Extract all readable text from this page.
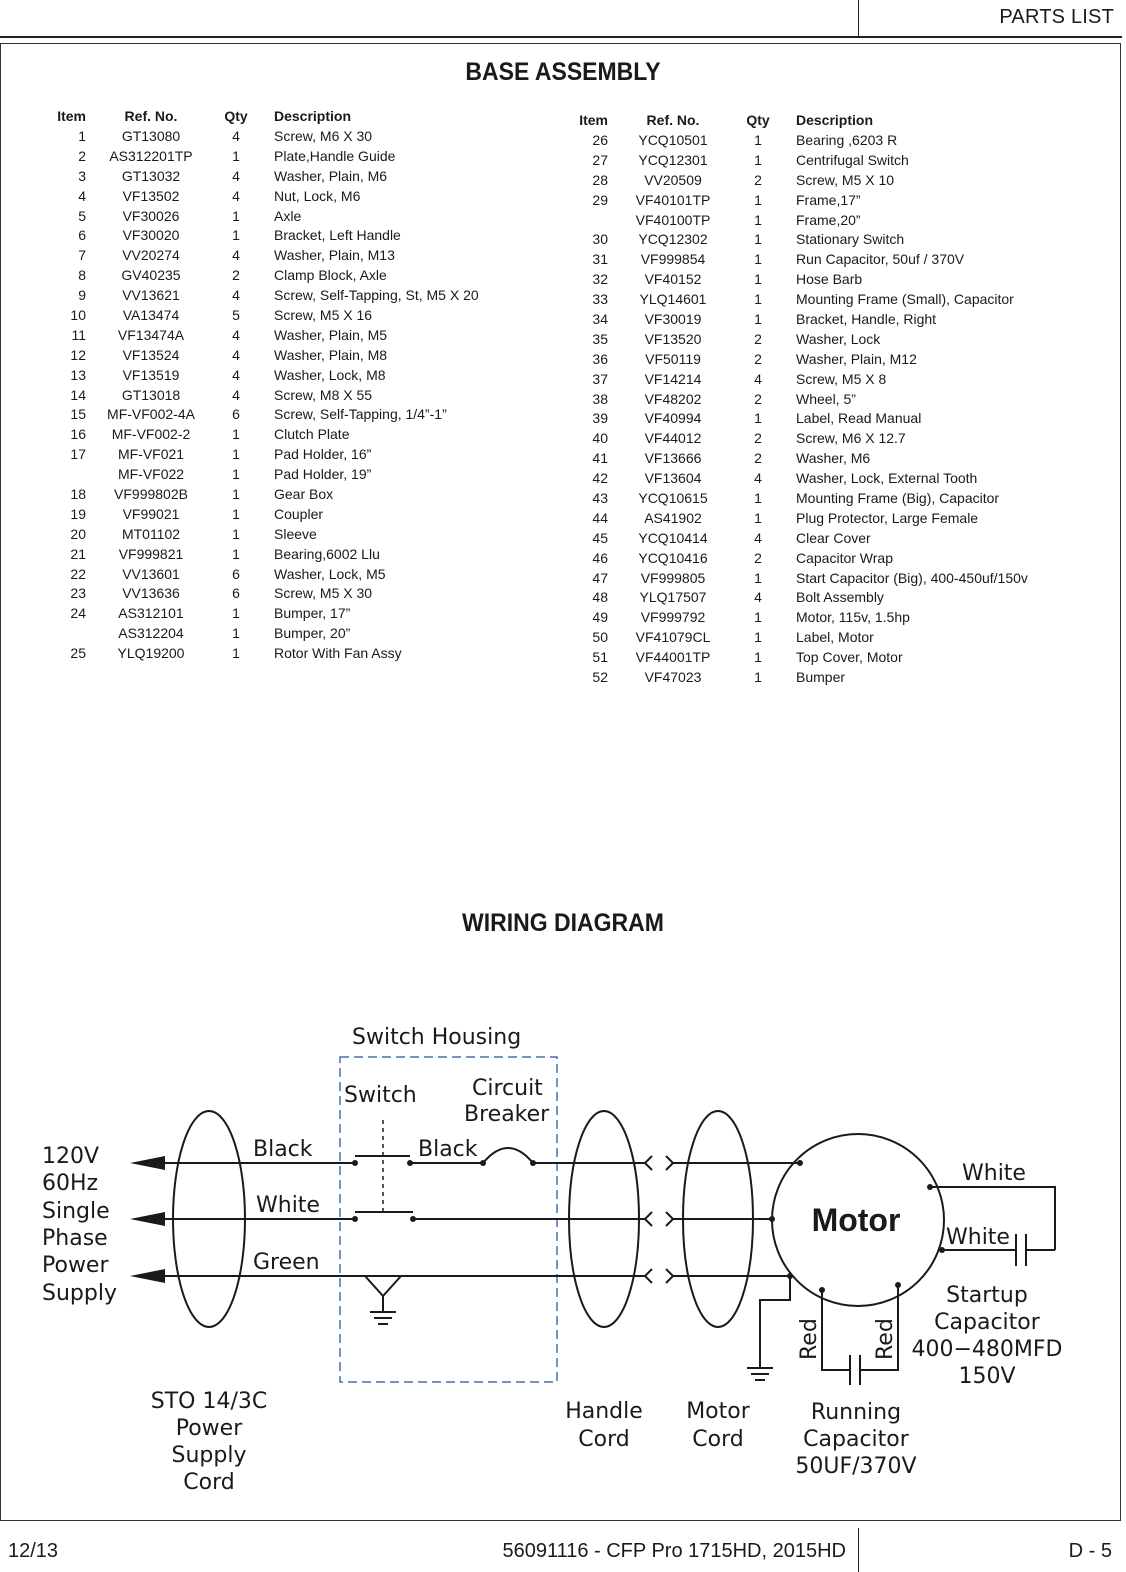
PARTS LIST
BASE ASSEMBLY
Item	Ref. No.	Qty	Description
1	GT13080	4	Screw, M6 X 30
2	AS312201TP	1	Plate,Handle Guide
3	GT13032	4	Washer, Plain, M6
4	VF13502	4	Nut, Lock, M6
5	VF30026	1	Axle
6	VF30020	1	Bracket, Left Handle
7	VV20274	4	Washer, Plain, M13
8	GV40235	2	Clamp Block, Axle
9	VV13621	4	Screw, Self-Tapping, St, M5 X 20
10	VA13474	5	Screw, M5 X 16
11	VF13474A	4	Washer, Plain, M5
12	VF13524	4	Washer, Plain, M8
13	VF13519	4	Washer, Lock, M8
14	GT13018	4	Screw, M8 X 55
15	MF-VF002-4A	6	Screw, Self-Tapping, 1/4”-1”
16	MF-VF002-2	1	Clutch Plate
17	MF-VF021	1	Pad Holder, 16”
	MF-VF022	1	Pad Holder, 19”
18	VF999802B	1	Gear Box
19	VF99021	1	Coupler
20	MT01102	1	Sleeve
21	VF999821	1	Bearing,6002 Llu
22	VV13601	6	Washer, Lock, M5
23	VV13636	6	Screw, M5 X 30
24	AS312101	1	Bumper, 17”
	AS312204	1	Bumper, 20”
25	YLQ19200	1	Rotor With Fan Assy
Item	Ref. No.	Qty	Description
26	YCQ10501	1	Bearing ,6203 R
27	YCQ12301	1	Centrifugal Switch
28	VV20509	2	Screw, M5 X 10
29	VF40101TP	1	Frame,17”
	VF40100TP	1	Frame,20”
30	YCQ12302	1	Stationary Switch
31	VF999854	1	Run Capacitor, 50uf / 370V
32	VF40152	1	Hose Barb
33	YLQ14601	1	Mounting Frame (Small), Capacitor
34	VF30019	1	Bracket, Handle, Right
35	VF13520	2	Washer, Lock
36	VF50119	2	Washer, Plain, M12
37	VF14214	4	Screw, M5 X 8
38	VF48202	2	Wheel, 5”
39	VF40994	1	Label, Read Manual
40	VF44012	2	Screw, M6 X 12.7
41	VF13666	2	Washer, M6
42	VF13604	4	Washer, Lock, External Tooth
43	YCQ10615	1	Mounting Frame (Big), Capacitor
44	AS41902	1	Plug Protector, Large Female
45	YCQ10414	4	Clear Cover
46	YCQ10416	2	Capacitor Wrap
47	VF999805	1	Start Capacitor (Big), 400-450uf/150v
48	YLQ17507	4	Bolt Assembly
49	VF999792	1	Motor, 115v, 1.5hp
50	VF41079CL	1	Label, Motor
51	VF44001TP	1	Top Cover, Motor
52	VF47023	1	Bumper
WIRING DIAGRAM
Switch Housing
Switch	Circuit
Breaker
Black	Black
White
Green
120V
60Hz
Single
Phase
Power
Supply
STO 14/3C
Power
Supply
Cord
Handle
Cord
Motor
Cord
White
White
Startup
Capacitor
400−480MFD
150V
Running
Capacitor
50UF/370V
Red Red
Motor
12/13	56091116 - CFP Pro 1715HD, 2015HD	D - 5
